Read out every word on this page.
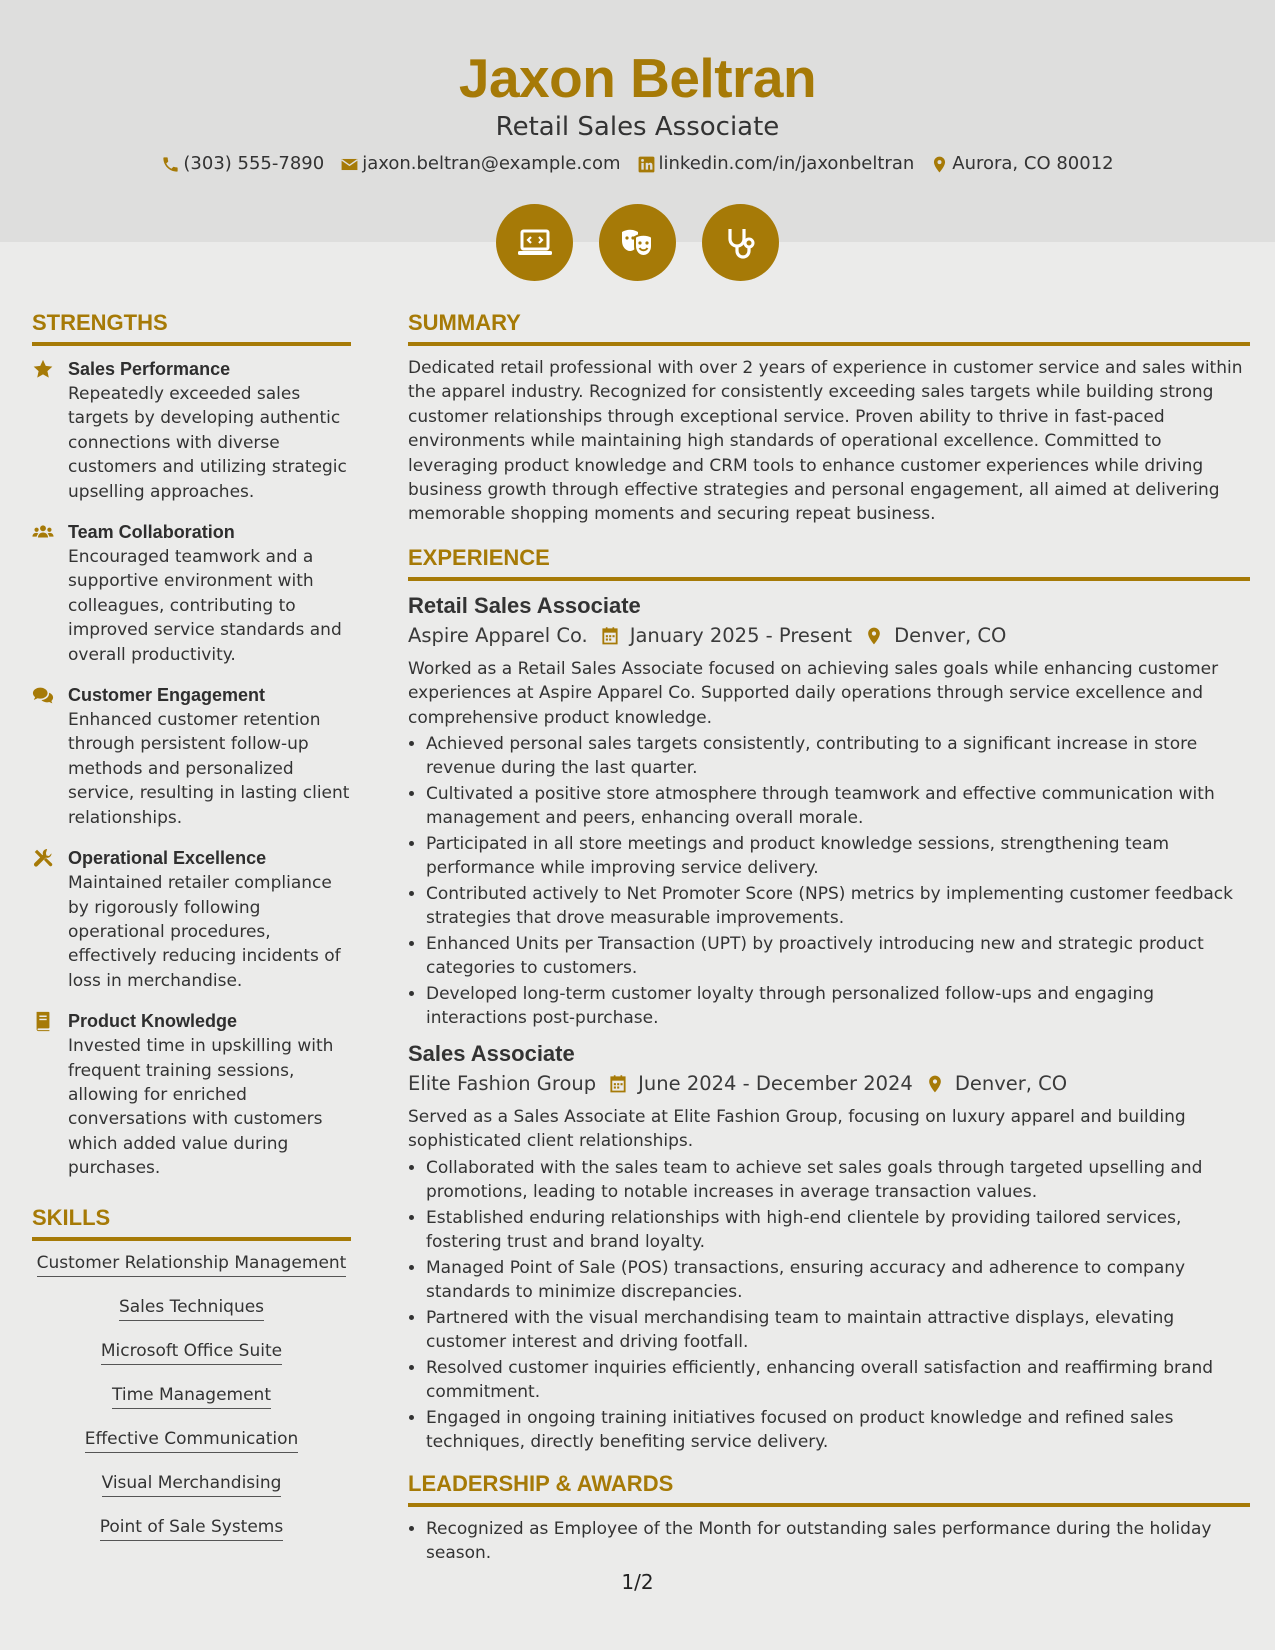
Jaxon Beltran
Retail Sales Associate
(303) 555-7890 jaxon.beltran@example.com linkedin.com/in/jaxonbeltran Aurora, CO 80012
STRENGTHS
Sales Performance
Repeatedly exceeded sales targets by developing authentic connections with diverse customers and utilizing strategic upselling approaches.
Team Collaboration
Encouraged teamwork and a supportive environment with colleagues, contributing to improved service standards and overall productivity.
Customer Engagement
Enhanced customer retention through persistent follow-up methods and personalized service, resulting in lasting client relationships.
Operational Excellence
Maintained retailer compliance by rigorously following operational procedures, effectively reducing incidents of loss in merchandise.
Product Knowledge
Invested time in upskilling with frequent training sessions, allowing for enriched conversations with customers which added value during purchases.
SKILLS
Customer Relationship Management
Sales Techniques
Microsoft Office Suite
Time Management
Effective Communication
Visual Merchandising
Point of Sale Systems
SUMMARY

Dedicated retail professional with over 2 years of experience in customer service and sales within the apparel industry. Recognized for consistently exceeding sales targets while building strong customer relationships through exceptional service. Proven ability to thrive in fast-paced environments while maintaining high standards of operational excellence. Committed to leveraging product knowledge and CRM tools to enhance customer experiences while driving business growth through effective strategies and personal engagement, all aimed at delivering memorable shopping moments and securing repeat business.

EXPERIENCE
Retail Sales Associate
Aspire Apparel Co. January 2025 - Present Denver, CO

Worked as a Retail Sales Associate focused on achieving sales goals while enhancing customer experiences at Aspire Apparel Co. Supported daily operations through service excellence and comprehensive product knowledge.

• Achieved personal sales targets consistently, contributing to a significant increase in store revenue during the last quarter.
• Cultivated a positive store atmosphere through teamwork and effective communication with management and peers, enhancing overall morale.
• Participated in all store meetings and product knowledge sessions, strengthening team performance while improving service delivery.
• Contributed actively to Net Promoter Score (NPS) metrics by implementing customer feedback strategies that drove measurable improvements.
• Enhanced Units per Transaction (UPT) by proactively introducing new and strategic product categories to customers.
• Developed long-term customer loyalty through personalized follow-ups and engaging interactions post-purchase.
Sales Associate
Elite Fashion Group June 2024 - December 2024 Denver, CO

Served as a Sales Associate at Elite Fashion Group, focusing on luxury apparel and building sophisticated client relationships.

• Collaborated with the sales team to achieve set sales goals through targeted upselling and promotions, leading to notable increases in average transaction values.
• Established enduring relationships with high-end clientele by providing tailored services, fostering trust and brand loyalty.
• Managed Point of Sale (POS) transactions, ensuring accuracy and adherence to company standards to minimize discrepancies.
• Partnered with the visual merchandising team to maintain attractive displays, elevating customer interest and driving footfall.
• Resolved customer inquiries efficiently, enhancing overall satisfaction and reaffirming brand commitment.
• Engaged in ongoing training initiatives focused on product knowledge and refined sales techniques, directly benefiting service delivery.
LEADERSHIP & AWARDS
• Recognized as Employee of the Month for outstanding sales performance during the holiday season.
1/2
